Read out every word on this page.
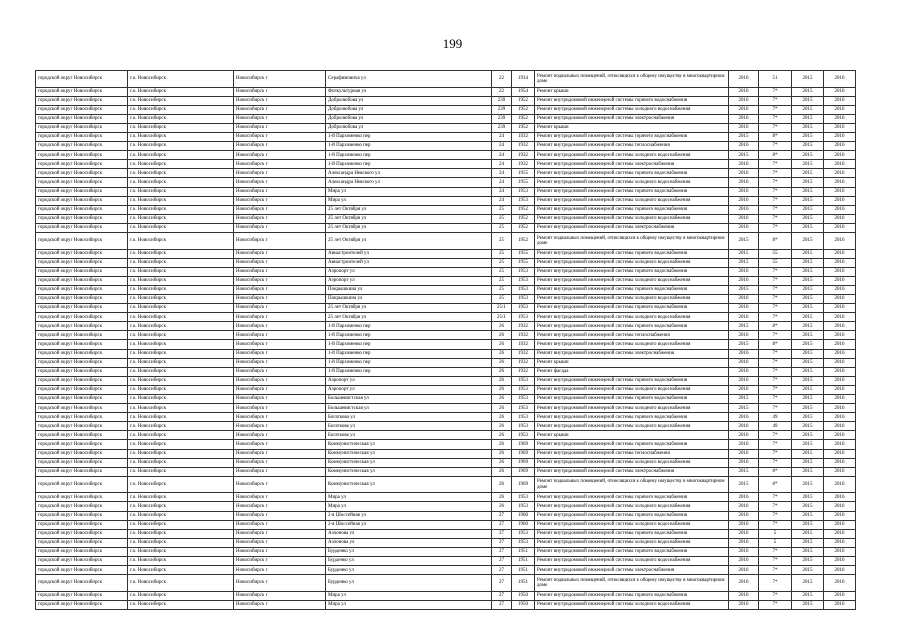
199
городской округ Новосибирск	г.о. Новосибирск	Новосибирск г	Серафимовича ул	22	1934	Ремонт подвальных помещений, относящихся к общему имуществу в многоквартирном доме	2016	51	2015	2016
городской округ Новосибирск	г.о. Новосибирск	Новосибирск г	Физкультурная ул	22	1954	Ремонт крыши	2016	7*	2015	2016
городской округ Новосибирск	г.о. Новосибирск	Новосибирск г	Добролюбова ул	239	1952	Ремонт внутридомовой инженерной системы горячего водоснабжения	2016	7*	2015	2016
городской округ Новосибирск	г.о. Новосибирск	Новосибирск г	Добролюбова ул	239	1952	Ремонт внутридомовой инженерной системы холодного водоснабжения	2016	7*	2015	2016
городской округ Новосибирск	г.о. Новосибирск	Новосибирск г	Добролюбова ул	239	1952	Ремонт внутридомовой инженерной системы электроснабжения	2016	7*	2015	2016
городской округ Новосибирск	г.о. Новосибирск	Новосибирск г	Добролюбова ул	239	1952	Ремонт крыши	2016	7*	2015	2016
городской округ Новосибирск	г.о. Новосибирск	Новосибирск г	1-й Пархоменко пер	24	1932	Ремонт внутридомовой инженерной системы горячего водоснабжения	2015	8*	2015	2016
городской округ Новосибирск	г.о. Новосибирск	Новосибирск г	1-й Пархоменко пер	24	1932	Ремонт внутридомовой инженерной системы теплоснабжения	2016	7*	2015	2016
городской округ Новосибирск	г.о. Новосибирск	Новосибирск г	1-й Пархоменко пер	24	1932	Ремонт внутридомовой инженерной системы холодного водоснабжения	2015	8*	2015	2016
городской округ Новосибирск	г.о. Новосибирск	Новосибирск г	1-й Пархоменко пер	24	1932	Ремонт внутридомовой инженерной системы электроснабжения	2016	7*	2015	2016
городской округ Новосибирск	г.о. Новосибирск	Новосибирск г	Александра Невского ул	24	1955	Ремонт внутридомовой инженерной системы горячего водоснабжения	2016	7*	2015	2016
городской округ Новосибирск	г.о. Новосибирск	Новосибирск г	Александра Невского ул	24	1955	Ремонт внутридомовой инженерной системы холодного водоснабжения	2016	7*	2015	2016
городской округ Новосибирск	г.о. Новосибирск	Новосибирск г	Мира ул	24	1953	Ремонт внутридомовой инженерной системы горячего водоснабжения	2016	7*	2015	2016
городской округ Новосибирск	г.о. Новосибирск	Новосибирск г	Мира ул	24	1953	Ремонт внутридомовой инженерной системы холодного водоснабжения	2016	7*	2015	2016
городской округ Новосибирск	г.о. Новосибирск	Новосибирск г	25 лет Октября ул	25	1952	Ремонт внутридомовой инженерной системы горячего водоснабжения	2016	7*	2015	2016
городской округ Новосибирск	г.о. Новосибирск	Новосибирск г	25 лет Октября ул	25	1952	Ремонт внутридомовой инженерной системы холодного водоснабжения	2016	7*	2015	2016
городской округ Новосибирск	г.о. Новосибирск	Новосибирск г	25 лет Октября ул	25	1952	Ремонт внутридомовой инженерной системы электроснабжения	2016	7*	2015	2016
городской округ Новосибирск	г.о. Новосибирск	Новосибирск г	25 лет Октября ул	25	1952	Ремонт подвальных помещений, относящихся к общему имуществу в многоквартирном доме	2015	8*	2015	2016
городской округ Новосибирск	г.о. Новосибирск	Новосибирск г	Авиастроителей ул	25	1955	Ремонт внутридомовой инженерной системы горячего водоснабжения	2015	55	2015	2016
городской округ Новосибирск	г.о. Новосибирск	Новосибирск г	Авиастроителей ул	25	1955	Ремонт внутридомовой инженерной системы холодного водоснабжения	2015	55	2015	2016
городской округ Новосибирск	г.о. Новосибирск	Новосибирск г	Аэропорт ул	25	1953	Ремонт внутридомовой инженерной системы горячего водоснабжения	2016	7*	2015	2016
городской округ Новосибирск	г.о. Новосибирск	Новосибирск г	Аэропорт ул	25	1953	Ремонт внутридомовой инженерной системы холодного водоснабжения	2016	7*	2015	2016
городской округ Новосибирск	г.о. Новосибирск	Новосибирск г	Покрышкина ул	25	1953	Ремонт внутридомовой инженерной системы горячего водоснабжения	2015	7*	2015	2016
городской округ Новосибирск	г.о. Новосибирск	Новосибирск г	Покрышкина ул	25	1953	Ремонт внутридомовой инженерной системы холодного водоснабжения	2016	7*	2015	2016
городской округ Новосибирск	г.о. Новосибирск	Новосибирск г	25 лет Октября ул	25/1	1953	Ремонт внутридомовой инженерной системы горячего водоснабжения	2016	7*	2015	2016
городской округ Новосибирск	г.о. Новосибирск	Новосибирск г	25 лет Октября ул	25/1	1953	Ремонт внутридомовой инженерной системы холодного водоснабжения	2016	7*	2015	2016
городской округ Новосибирск	г.о. Новосибирск	Новосибирск г	1-й Пархоменко пер	26	1932	Ремонт внутридомовой инженерной системы горячего водоснабжения	2015	8*	2015	2016
городской округ Новосибирск	г.о. Новосибирск	Новосибирск г	1-й Пархоменко пер	26	1932	Ремонт внутридомовой инженерной системы теплоснабжения	2016	7*	2015	2016
городской округ Новосибирск	г.о. Новосибирск	Новосибирск г	1-й Пархоменко пер	26	1932	Ремонт внутридомовой инженерной системы холодного водоснабжения	2015	8*	2015	2016
городской округ Новосибирск	г.о. Новосибирск	Новосибирск г	1-й Пархоменко пер	26	1932	Ремонт внутридомовой инженерной системы электроснабжения	2016	7*	2015	2016
городской округ Новосибирск	г.о. Новосибирск	Новосибирск г	1-й Пархоменко пер	26	1932	Ремонт крыши	2016	7*	2015	2016
городской округ Новосибирск	г.о. Новосибирск	Новосибирск г	1-й Пархоменко пер	26	1932	Ремонт фасада	2016	7*	2015	2016
городской округ Новосибирск	г.о. Новосибирск	Новосибирск г	Аэропорт ул	26	1953	Ремонт внутридомовой инженерной системы горячего водоснабжения	2016	7*	2015	2016
городской округ Новосибирск	г.о. Новосибирск	Новосибирск г	Аэропорт ул	26	1953	Ремонт внутридомовой инженерной системы холодного водоснабжения	2016	7*	2015	2016
городской округ Новосибирск	г.о. Новосибирск	Новосибирск г	Большевистская ул	26	1953	Ремонт внутридомовой инженерной системы горячего водоснабжения	2015	7*	2015	2016
городской округ Новосибирск	г.о. Новосибирск	Новосибирск г	Большевистская ул	26	1953	Ремонт внутридомовой инженерной системы холодного водоснабжения	2015	7*	2015	2016
городской округ Новосибирск	г.о. Новосибирск	Новосибирск г	Богаткова ул	26	1953	Ремонт внутридомовой инженерной системы горячего водоснабжения	2016	49	2015	2016
городской округ Новосибирск	г.о. Новосибирск	Новосибирск г	Богаткова ул	26	1953	Ремонт внутридомовой инженерной системы холодного водоснабжения	2016	49	2015	2016
городской округ Новосибирск	г.о. Новосибирск	Новосибирск г	Богаткова ул	26	1953	Ремонт крыши	2016	7*	2015	2016
городской округ Новосибирск	г.о. Новосибирск	Новосибирск г	Коммунистическая ул	26	1969	Ремонт внутридомовой инженерной системы горячего водоснабжения	2016	7*	2015	2016
городской округ Новосибирск	г.о. Новосибирск	Новосибирск г	Коммунистическая ул	26	1969	Ремонт внутридомовой инженерной системы теплоснабжения	2016	7*	2015	2016
городской округ Новосибирск	г.о. Новосибирск	Новосибирск г	Коммунистическая ул	26	1969	Ремонт внутридомовой инженерной системы холодного водоснабжения	2016	7*	2015	2016
городской округ Новосибирск	г.о. Новосибирск	Новосибирск г	Коммунистическая ул	26	1969	Ремонт внутридомовой инженерной системы электроснабжения	2015	8*	2015	2016
городской округ Новосибирск	г.о. Новосибирск	Новосибирск г	Коммунистическая ул	26	1969	Ремонт подвальных помещений, относящихся к общему имуществу в многоквартирном доме	2015	8*	2015	2016
городской округ Новосибирск	г.о. Новосибирск	Новосибирск г	Мира ул	26	1953	Ремонт внутридомовой инженерной системы горячего водоснабжения	2016	7*	2015	2016
городской округ Новосибирск	г.о. Новосибирск	Новосибирск г	Мира ул	26	1953	Ремонт внутридомовой инженерной системы холодного водоснабжения	2016	7*	2015	2016
городской округ Новосибирск	г.о. Новосибирск	Новосибирск г	2-я Шоссейная ул	27	1960	Ремонт внутридомовой инженерной системы горячего водоснабжения	2016	7*	2015	2016
городской округ Новосибирск	г.о. Новосибирск	Новосибирск г	2-я Шоссейная ул	27	1960	Ремонт внутридомовой инженерной системы холодного водоснабжения	2016	7*	2015	2016
городской округ Новосибирск	г.о. Новосибирск	Новосибирск г	Аэлонова ул	27	1953	Ремонт внутридомовой инженерной системы горячего водоснабжения	2016	5	2015	2016
городской округ Новосибирск	г.о. Новосибирск	Новосибирск г	Аэлонова ул	27	1953	Ремонт внутридомовой инженерной системы холодного водоснабжения	2016	5	2015	2016
городской округ Новосибирск	г.о. Новосибирск	Новосибирск г	Бурденко ул	27	1951	Ремонт внутридомовой инженерной системы горячего водоснабжения	2016	7*	2015	2016
городской округ Новосибирск	г.о. Новосибирск	Новосибирск г	Бурденко ул	27	1951	Ремонт внутридомовой инженерной системы холодного водоснабжения	2016	7*	2015	2016
городской округ Новосибирск	г.о. Новосибирск	Новосибирск г	Бурденко ул	27	1951	Ремонт внутридомовой инженерной системы электроснабжения	2016	7*	2015	2016
городской округ Новосибирск	г.о. Новосибирск	Новосибирск г	Бурденко ул	27	1951	Ремонт подвальных помещений, относящихся к общему имуществу в многоквартирном доме	2016	7*	2015	2016
городской округ Новосибирск	г.о. Новосибирск	Новосибирск г	Мира ул	27	1950	Ремонт внутридомовой инженерной системы горячего водоснабжения	2016	7*	2015	2016
городской округ Новосибирск	г.о. Новосибирск	Новосибирск г	Мира ул	27	1950	Ремонт внутридомовой инженерной системы холодного водоснабжения	2016	7*	2015	2016
